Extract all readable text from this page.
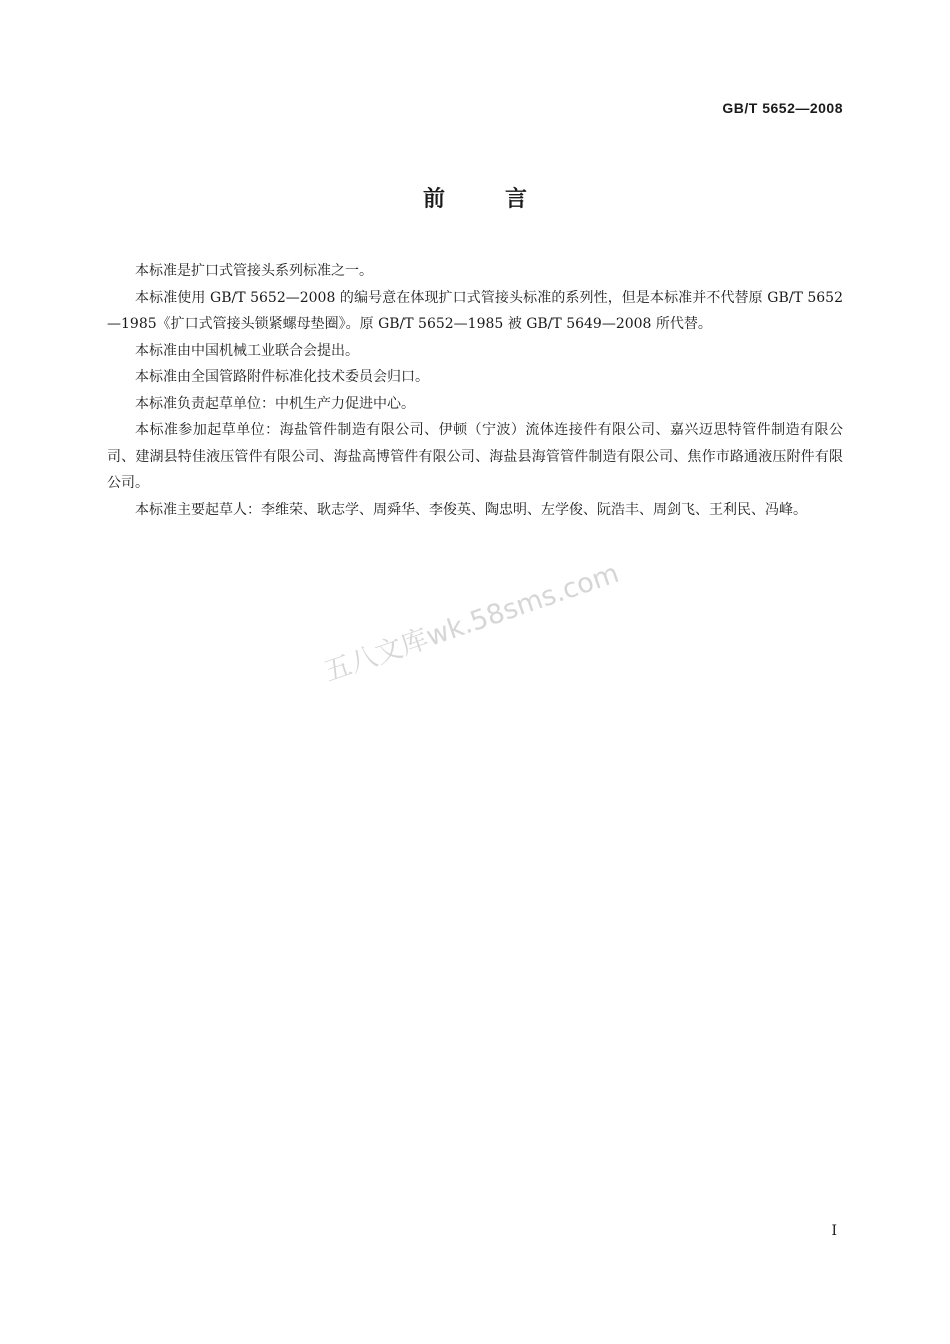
GB/T 5652—2008
前言

本标准是扩口式管接头系列标准之一。

本标准使用 GB/T 5652—2008 的编号意在体现扩口式管接头标准的系列性，但是本标准并不代替原 GB/T 5652—1985《扩口式管接头锁紧螺母垫圈》。原 GB/T 5652—1985 被 GB/T 5649—2008 所代替。

本标准由中国机械工业联合会提出。

本标准由全国管路附件标准化技术委员会归口。

本标准负责起草单位：中机生产力促进中心。

本标准参加起草单位：海盐管件制造有限公司、伊顿（宁波）流体连接件有限公司、嘉兴迈思特管件制造有限公司、建湖县特佳液压管件有限公司、海盐高博管件有限公司、海盐县海管管件制造有限公司、焦作市路通液压附件有限公司。

本标准主要起草人：李维荣、耿志学、周舜华、李俊英、陶忠明、左学俊、阮浩丰、周剑飞、王利民、冯峰。

五八文库wk.58sms.com
I
